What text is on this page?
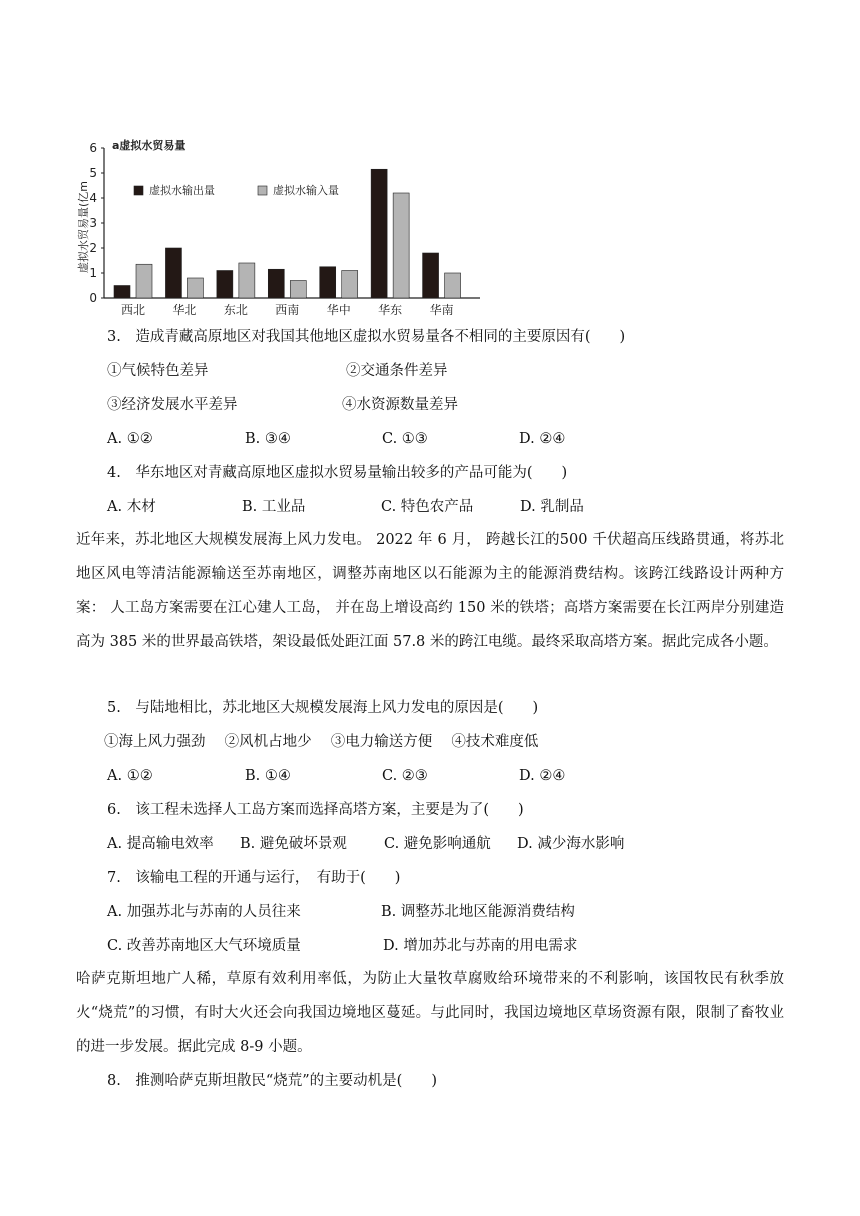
0
1
2
3
4
5
6 a虚拟水贸易量
虚拟水贸易量(亿m	虚拟水输出量	虚拟水输入量
西北 华北 东北 西南 华中 华东 华南
3.　造成青藏高原地区对我国其他地区虚拟水贸易量各不相同的主要原因有(　　)
①气候特色差异	②交通条件差异
③经济发展水平差异	④水资源数量差异
A. ①②	B. ③④	C. ①③	D. ②④
4.　华东地区对青藏高原地区虚拟水贸易量输出较多的产品可能为(　　)
A. 木材	B. 工业品	C. 特色农产品	D. 乳制品
近年来，苏北地区大规模发展海上风力发电。 2022 年 6 月， 跨越长江的500 千伏超高压线路贯通，将苏北地区风电等清洁能源输送至苏南地区，调整苏南地区以石能源为主的能源消费结构。该跨江线路设计两种方案： 人工岛方案需要在江心建人工岛， 并在岛上增设高约 150 米的铁塔；高塔方案需要在长江两岸分别建造高为 385 米的世界最高铁塔，架设最低处距江面 57.8 米的跨江电缆。最终采取高塔方案。据此完成各小题。
5.　与陆地相比，苏北地区大规模发展海上风力发电的原因是(　　)
①海上风力强劲　 ②风机占地少　 ③电力输送方便　 ④技术难度低
A. ①②	B. ①④	C. ②③	D. ②④
6.　该工程未选择人工岛方案而选择高塔方案，主要是为了(　　)
A. 提高输电效率 B. 避免破坏景观	C. 避免影响通航 D. 减少海水影响
7.　该输电工程的开通与运行，　有助于(　　)
A. 加强苏北与苏南的人员往来	B. 调整苏北地区能源消费结构
C. 改善苏南地区大气环境质量	D. 增加苏北与苏南的用电需求
哈萨克斯坦地广人稀，草原有效利用率低，为防止大量牧草腐败给环境带来的不利影响，该国牧民有秋季放火“烧荒”的习惯，有时大火还会向我国边境地区蔓延。与此同时，我国边境地区草场资源有限，限制了畜牧业的进一步发展。据此完成 8-9 小题。
8.　推测哈萨克斯坦散民“烧荒”的主要动机是(　　)
